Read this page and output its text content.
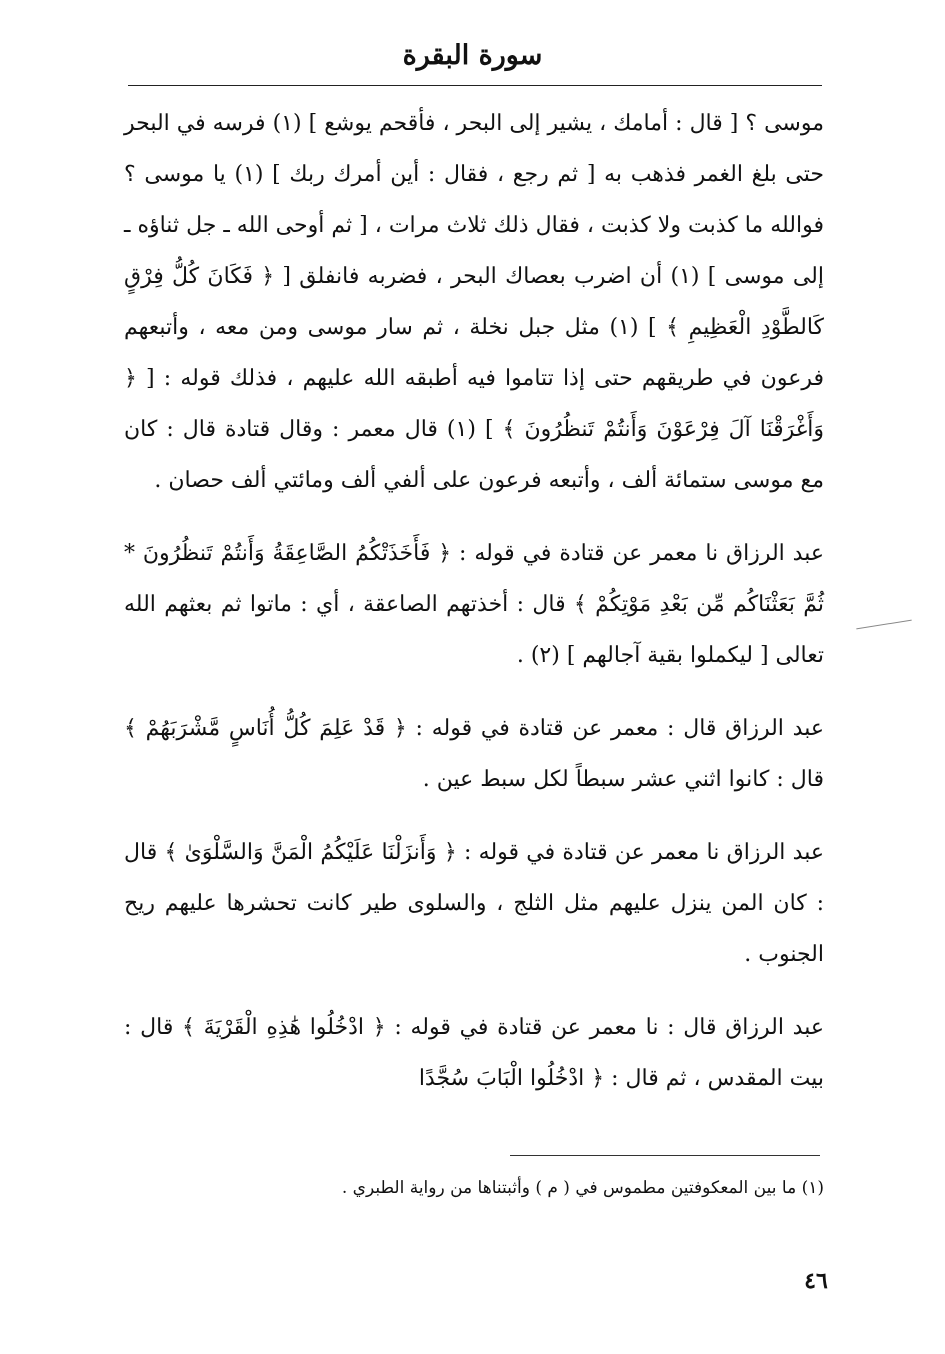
سورة البقرة

موسى ؟ [ قال : أمامك ، يشير إلى البحر ، فأقحم يوشع ] (١) فرسه في البحر حتى بلغ الغمر فذهب به [ ثم رجع ، فقال : أين أمرك ربك ] (١) يا موسى ؟ فوالله ما كذبت ولا كذبت ، فقال ذلك ثلاث مرات ، [ ثم أوحى الله ـ جل ثناؤه ـ إلى موسى ] (١) أن اضرب بعصاك البحر ، فضربه فانفلق [ ﴿ فَكَانَ كُلُّ فِرْقٍ كَالطَّوْدِ الْعَظِيمِ ﴾ ] (١) مثل جبل نخلة ، ثم سار موسى ومن معه ، وأتبعهم فرعون في طريقهم حتى إذا تتاموا فيه أطبقه الله عليهم ، فذلك قوله : [ ﴿ وَأَغْرَقْنَا آلَ فِرْعَوْنَ وَأَنتُمْ تَنظُرُونَ ﴾ ] (١) قال معمر : وقال قتادة قال : كان مع موسى ستمائة ألف ، وأتبعه فرعون على ألفي ألف ومائتي ألف حصان .

عبد الرزاق نا معمر عن قتادة في قوله : ﴿ فَأَخَذَتْكُمُ الصَّاعِقَةُ وَأَنتُمْ تَنظُرُونَ * ثُمَّ بَعَثْنَاكُم مِّن بَعْدِ مَوْتِكُمْ ﴾ قال : أخذتهم الصاعقة ، أي : ماتوا ثم بعثهم الله تعالى [ ليكملوا بقية آجالهم ] (٢) .

عبد الرزاق قال : معمر عن قتادة في قوله : ﴿ قَدْ عَلِمَ كُلُّ أُنَاسٍ مَّشْرَبَهُمْ ﴾ قال : كانوا اثني عشر سبطاً لكل سبط عين .

عبد الرزاق نا معمر عن قتادة في قوله : ﴿ وَأَنزَلْنَا عَلَيْكُمُ الْمَنَّ وَالسَّلْوَىٰ ﴾ قال : كان المن ينزل عليهم مثل الثلج ، والسلوى طير كانت تحشرها عليهم ريح الجنوب .

عبد الرزاق قال : نا معمر عن قتادة في قوله : ﴿ ادْخُلُوا هَٰذِهِ الْقَرْيَةَ ﴾ قال : بيت المقدس ، ثم قال : ﴿ ادْخُلُوا الْبَابَ سُجَّدًا

(١) ما بين المعكوفتين مطموس في ( م ) وأثبتناها من رواية الطبري .
٤٦
